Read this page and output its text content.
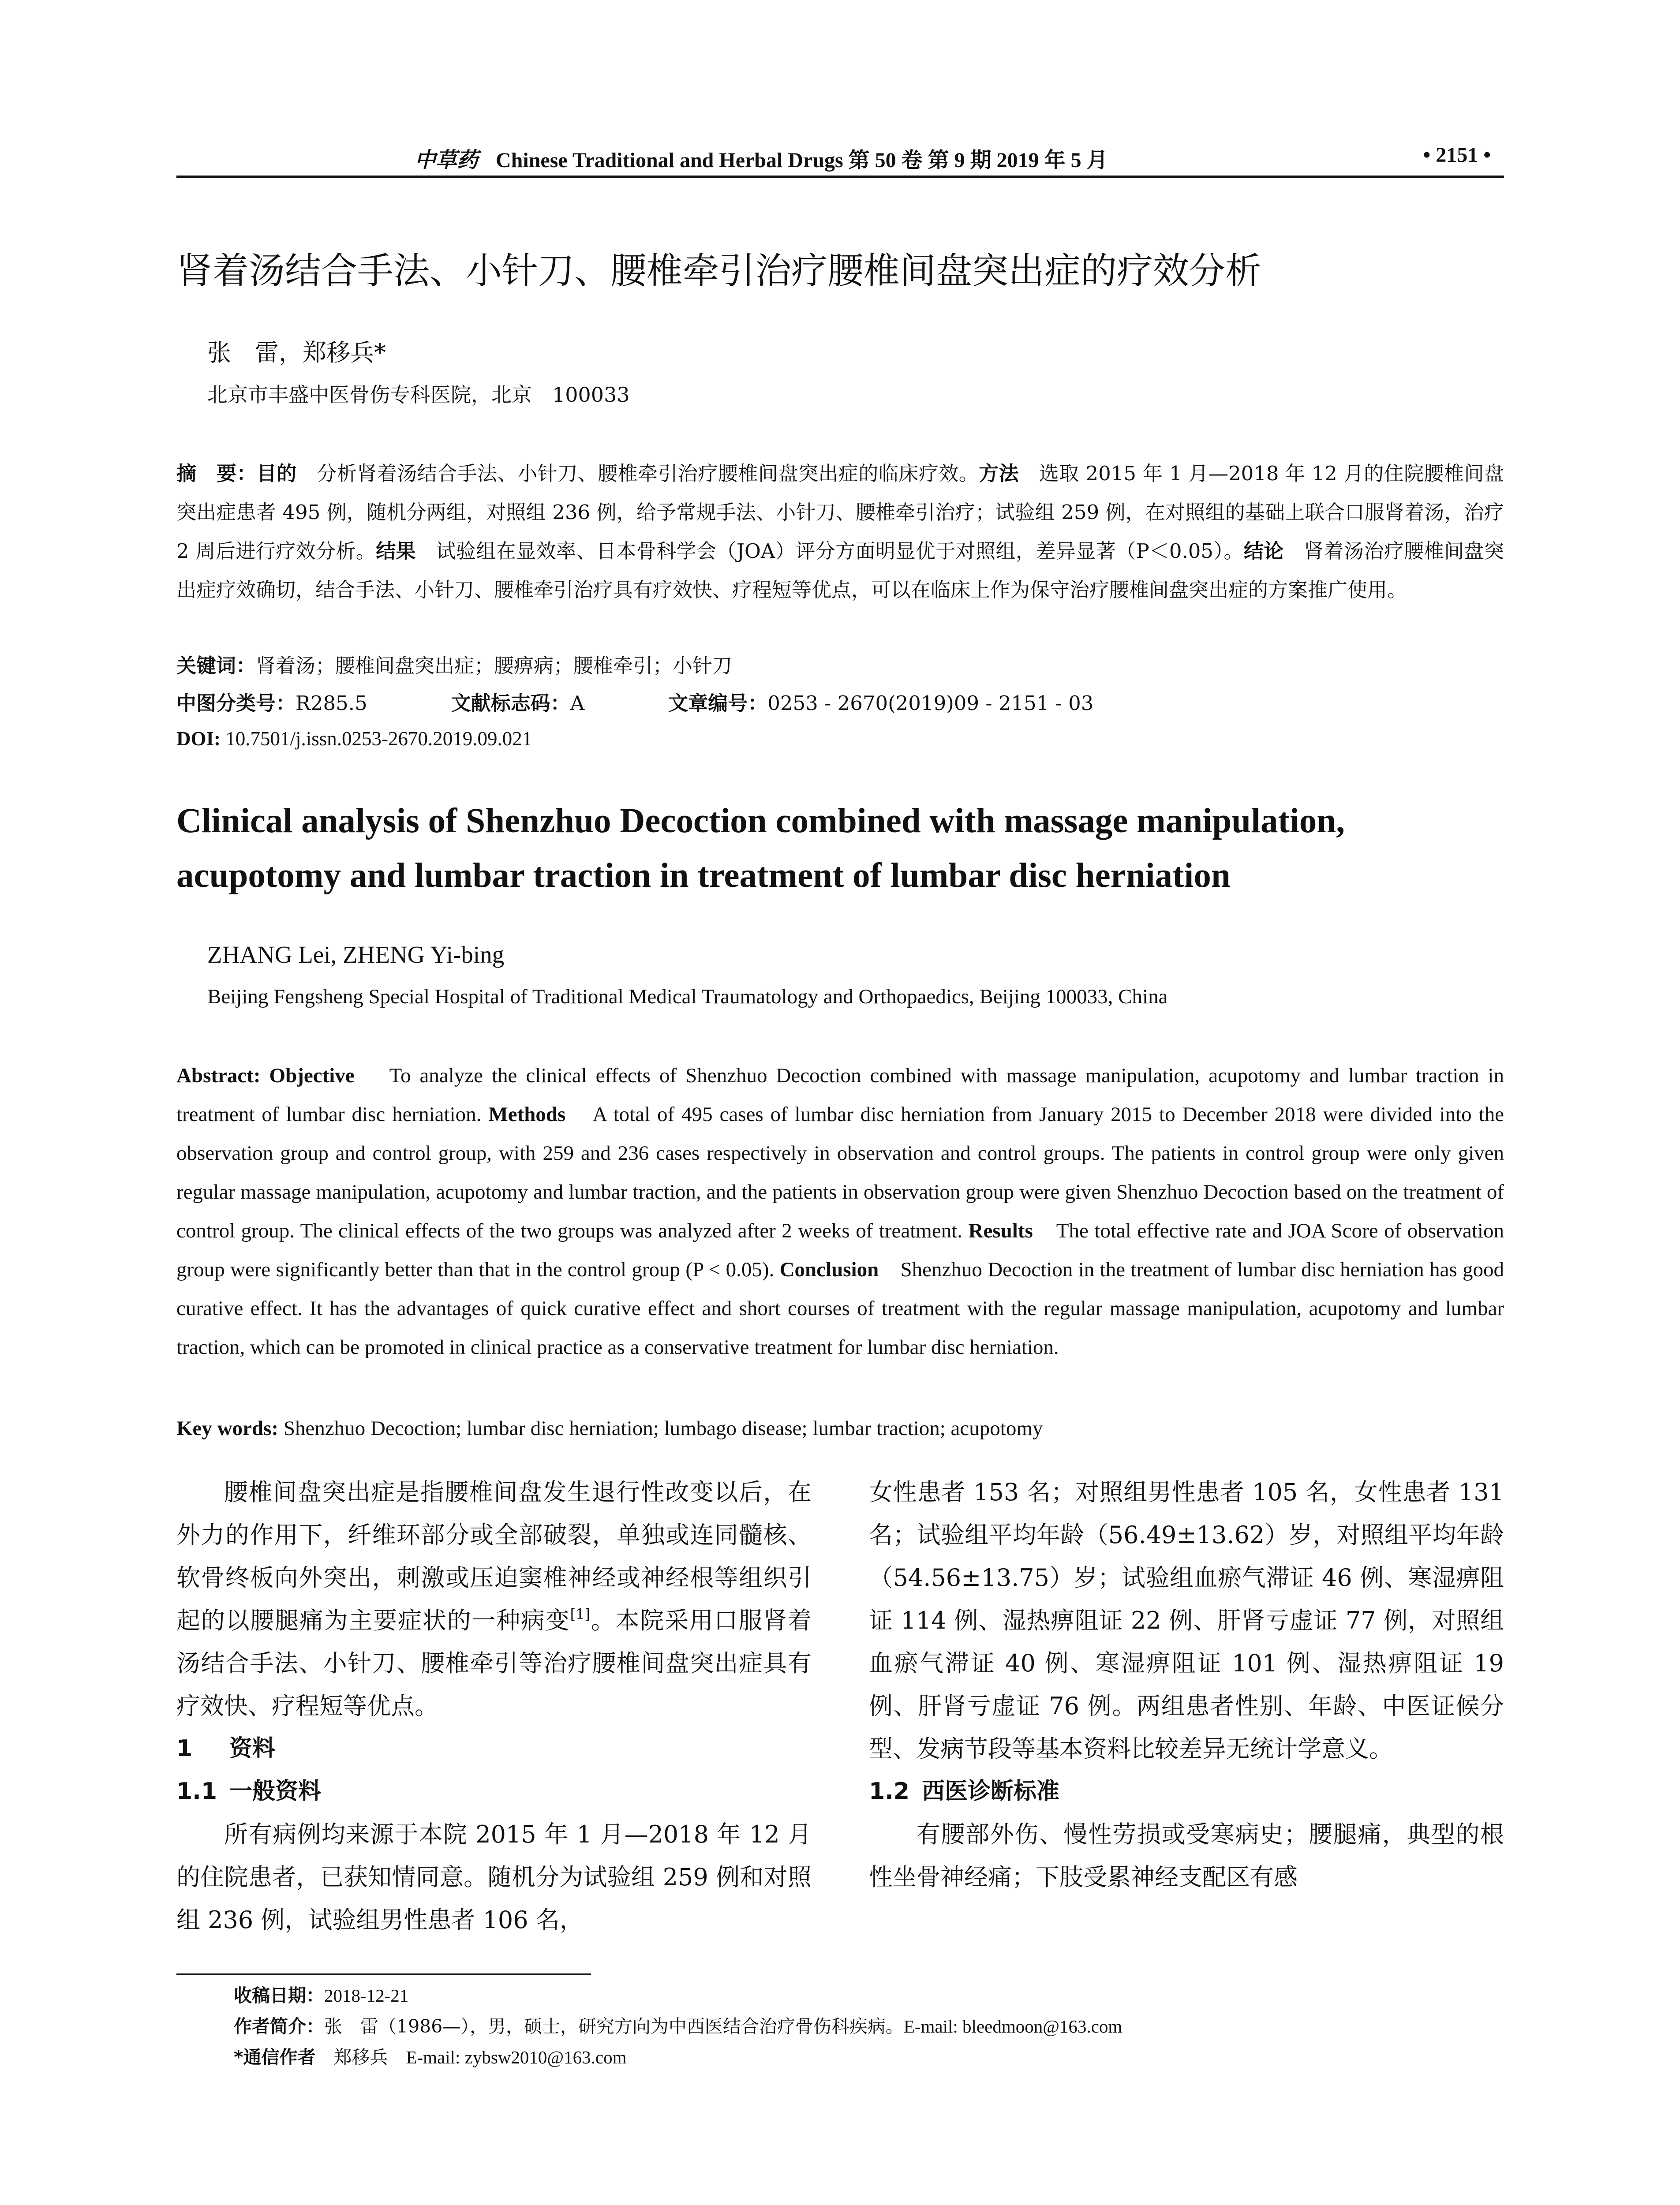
中草药 Chinese Traditional and Herbal Drugs 第 50 卷 第 9 期 2019 年 5 月	• 2151 •
肾着汤结合手法、小针刀、腰椎牵引治疗腰椎间盘突出症的疗效分析
张　雷，郑移兵*
北京市丰盛中医骨伤专科医院，北京　100033
摘　要：目的　分析肾着汤结合手法、小针刀、腰椎牵引治疗腰椎间盘突出症的临床疗效。方法　选取 2015 年 1 月—2018 年 12 月的住院腰椎间盘突出症患者 495 例，随机分两组，对照组 236 例，给予常规手法、小针刀、腰椎牵引治疗；试验组 259 例，在对照组的基础上联合口服肾着汤，治疗 2 周后进行疗效分析。结果　试验组在显效率、日本骨科学会（JOA）评分方面明显优于对照组，差异显著（P＜0.05）。结论　肾着汤治疗腰椎间盘突出症疗效确切，结合手法、小针刀、腰椎牵引治疗具有疗效快、疗程短等优点，可以在临床上作为保守治疗腰椎间盘突出症的方案推广使用。
关键词：肾着汤；腰椎间盘突出症；腰痹病；腰椎牵引；小针刀
中图分类号：R285.5	文献标志码：A	文章编号：0253 - 2670(2019)09 - 2151 - 03
DOI: 10.7501/j.issn.0253-2670.2019.09.021
Clinical analysis of Shenzhuo Decoction combined with massage manipulation, acupotomy and lumbar traction in treatment of lumbar disc herniation
ZHANG Lei, ZHENG Yi-bing
Beijing Fengsheng Special Hospital of Traditional Medical Traumatology and Orthopaedics, Beijing 100033, China
Abstract: Objective    To analyze the clinical effects of Shenzhuo Decoction combined with massage manipulation, acupotomy and lumbar traction in treatment of lumbar disc herniation. Methods    A total of 495 cases of lumbar disc herniation from January 2015 to December 2018 were divided into the observation group and control group, with 259 and 236 cases respectively in observation and control groups. The patients in control group were only given regular massage manipulation, acupotomy and lumbar traction, and the patients in observation group were given Shenzhuo Decoction based on the treatment of control group. The clinical effects of the two groups was analyzed after 2 weeks of treatment. Results    The total effective rate and JOA Score of observation group were significantly better than that in the control group (P < 0.05). Conclusion    Shenzhuo Decoction in the treatment of lumbar disc herniation has good curative effect. It has the advantages of quick curative effect and short courses of treatment with the regular massage manipulation, acupotomy and lumbar traction, which can be promoted in clinical practice as a conservative treatment for lumbar disc herniation.
Key words: Shenzhuo Decoction; lumbar disc herniation; lumbago disease; lumbar traction; acupotomy

腰椎间盘突出症是指腰椎间盘发生退行性改变以后，在外力的作用下，纤维环部分或全部破裂，单独或连同髓核、软骨终板向外突出，刺激或压迫窦椎神经或神经根等组织引起的以腰腿痛为主要症状的一种病变[1]。本院采用口服肾着汤结合手法、小针刀、腰椎牵引等治疗腰椎间盘突出症具有疗效快、疗程短等优点。

1 资料

1.1 一般资料

所有病例均来源于本院 2015 年 1 月—2018 年 12 月的住院患者，已获知情同意。随机分为试验组 259 例和对照组 236 例，试验组男性患者 106 名，

女性患者 153 名；对照组男性患者 105 名，女性患者 131 名；试验组平均年龄（56.49±13.62）岁，对照组平均年龄（54.56±13.75）岁；试验组血瘀气滞证 46 例、寒湿痹阻证 114 例、湿热痹阻证 22 例、肝肾亏虚证 77 例，对照组血瘀气滞证 40 例、寒湿痹阻证 101 例、湿热痹阻证 19 例、肝肾亏虚证 76 例。两组患者性别、年龄、中医证候分型、发病节段等基本资料比较差异无统计学意义。

1.2 西医诊断标准

有腰部外伤、慢性劳损或受寒病史；腰腿痛，典型的根性坐骨神经痛；下肢受累神经支配区有感

收稿日期：2018-12-21
作者简介：张　雷（1986—），男，硕士，研究方向为中西医结合治疗骨伤科疾病。E-mail: bleedmoon@163.com
*通信作者　郑移兵　E-mail: zybsw2010@163.com
